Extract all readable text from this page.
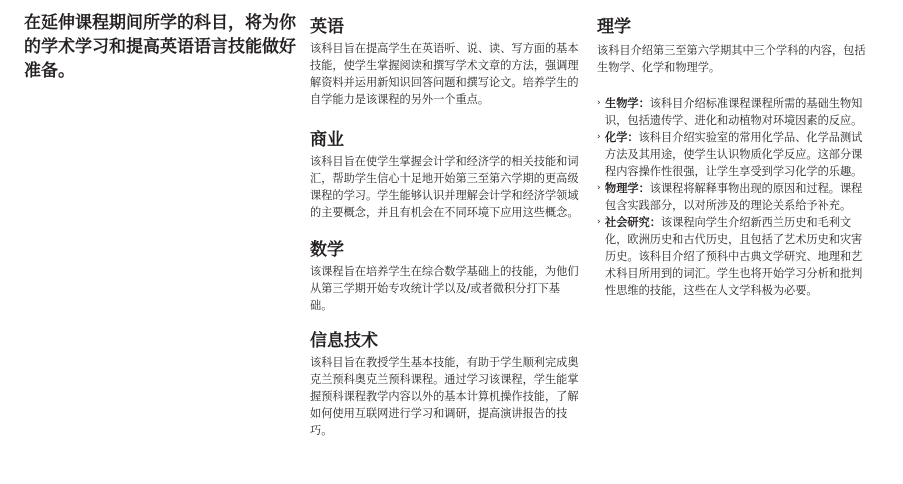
在延伸课程期间所学的科目，将为你的学术学习和提高英语语言技能做好准备。

英语

该科目旨在提高学生在英语听、说、读、写方面的基本技能，使学生掌握阅读和撰写学术文章的方法，强调理解资料并运用新知识回答问题和撰写论文。培养学生的自学能力是该课程的另外一个重点。

商业

该科目旨在使学生掌握会计学和经济学的相关技能和词汇，帮助学生信心十足地开始第三至第六学期的更高级课程的学习。学生能够认识并理解会计学和经济学领域的主要概念，并且有机会在不同环境下应用这些概念。

数学

该课程旨在培养学生在综合数学基础上的技能，为他们从第三学期开始专攻统计学以及/或者微积分打下基础。

信息技术

该科目旨在教授学生基本技能，有助于学生顺利完成奥克兰预科奥克兰预科课程。通过学习该课程，学生能掌握预科课程教学内容以外的基本计算机操作技能，了解如何使用互联网进行学习和调研，提高演讲报告的技巧。

理学

该科目介绍第三至第六学期其中三个学科的内容，包括生物学、化学和物理学。

› 生物学：该科目介绍标准课程课程所需的基础生物知识，包括遗传学、进化和动植物对环境因素的反应。
› 化学：该科目介绍实验室的常用化学品、化学品测试方法及其用途，使学生认识物质化学反应。这部分课程内容操作性很强，让学生享受到学习化学的乐趣。
› 物理学：该课程将解释事物出现的原因和过程。课程包含实践部分，以对所涉及的理论关系给予补充。
› 社会研究：该课程向学生介绍新西兰历史和毛利文化，欧洲历史和古代历史，且包括了艺术历史和灾害历史。该科目介绍了预科中古典文学研究、地理和艺术科目所用到的词汇。学生也将开始学习分析和批判性思维的技能，这些在人文学科极为必要。
